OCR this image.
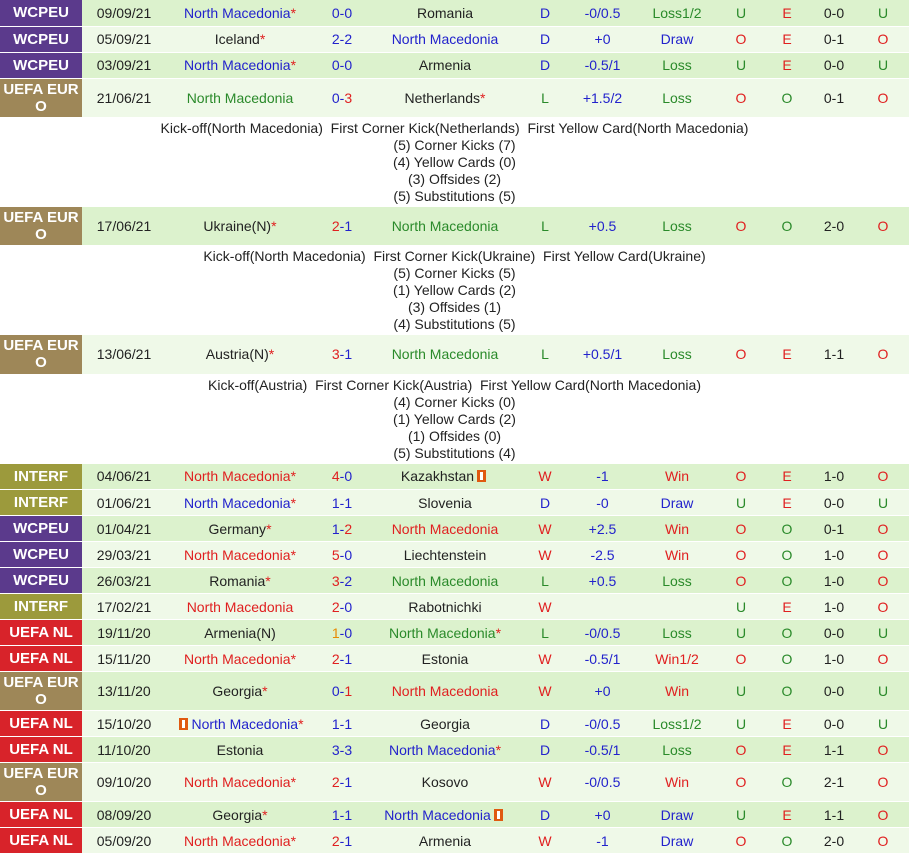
WCPEU	09/09/21	North Macedonia*	0-0	Romania	D	-0/0.5	Loss1/2	U	E	0-0	U
WCPEU	05/09/21	Iceland*	2-2	North Macedonia	D	+0	Draw	O	E	0-1	O
WCPEU	03/09/21	North Macedonia*	0-0	Armenia	D	-0.5/1	Loss	U	E	0-0	U
UEFA EUR
O	21/06/21	North Macedonia	0-3	Netherlands*	L	+1.5/2	Loss	O	O	0-1	O

Kick-off(North Macedonia)  First Corner Kick(Netherlands)  First Yellow Card(North Macedonia)
(5) Corner Kicks (7)
(4) Yellow Cards (0)
(3) Offsides (2)
(5) Substitutions (5)											

UEFA EUR
O	17/06/21	Ukraine(N)*	2-1	North Macedonia	L	+0.5	Loss	O	O	2-0	O

Kick-off(North Macedonia)  First Corner Kick(Ukraine)  First Yellow Card(Ukraine)
(5) Corner Kicks (5)
(1) Yellow Cards (2)
(3) Offsides (1)
(4) Substitutions (5)											

UEFA EUR
O	13/06/21	Austria(N)*	3-1	North Macedonia	L	+0.5/1	Loss	O	E	1-1	O

Kick-off(Austria)  First Corner Kick(Austria)  First Yellow Card(North Macedonia)
(4) Corner Kicks (0)
(1) Yellow Cards (2)
(1) Offsides (0)
(5) Substitutions (4)											

INTERF	04/06/21	North Macedonia*	4-0	Kazakhstan	W	-1	Win	O	E	1-0	O
INTERF	01/06/21	North Macedonia*	1-1	Slovenia	D	-0	Draw	U	E	0-0	U
WCPEU	01/04/21	Germany*	1-2	North Macedonia	W	+2.5	Win	O	O	0-1	O
WCPEU	29/03/21	North Macedonia*	5-0	Liechtenstein	W	-2.5	Win	O	O	1-0	O
WCPEU	26/03/21	Romania*	3-2	North Macedonia	L	+0.5	Loss	O	O	1-0	O
INTERF	17/02/21	North Macedonia	2-0	Rabotnichki	W			U	E	1-0	O
UEFA NL	19/11/20	Armenia(N)	1-0	North Macedonia*	L	-0/0.5	Loss	U	O	0-0	U
UEFA NL	15/11/20	North Macedonia*	2-1	Estonia	W	-0.5/1	Win1/2	O	O	1-0	O
UEFA EUR
O	13/11/20	Georgia*	0-1	North Macedonia	W	+0	Win	U	O	0-0	U
UEFA NL	15/10/20	North Macedonia*	1-1	Georgia	D	-0/0.5	Loss1/2	U	E	0-0	U
UEFA NL	11/10/20	Estonia	3-3	North Macedonia*	D	-0.5/1	Loss	O	E	1-1	O
UEFA EUR
O	09/10/20	North Macedonia*	2-1	Kosovo	W	-0/0.5	Win	O	O	2-1	O
UEFA NL	08/09/20	Georgia*	1-1	North Macedonia	D	+0	Draw	U	E	1-1	O
UEFA NL	05/09/20	North Macedonia*	2-1	Armenia	W	-1	Draw	O	O	2-0	O
